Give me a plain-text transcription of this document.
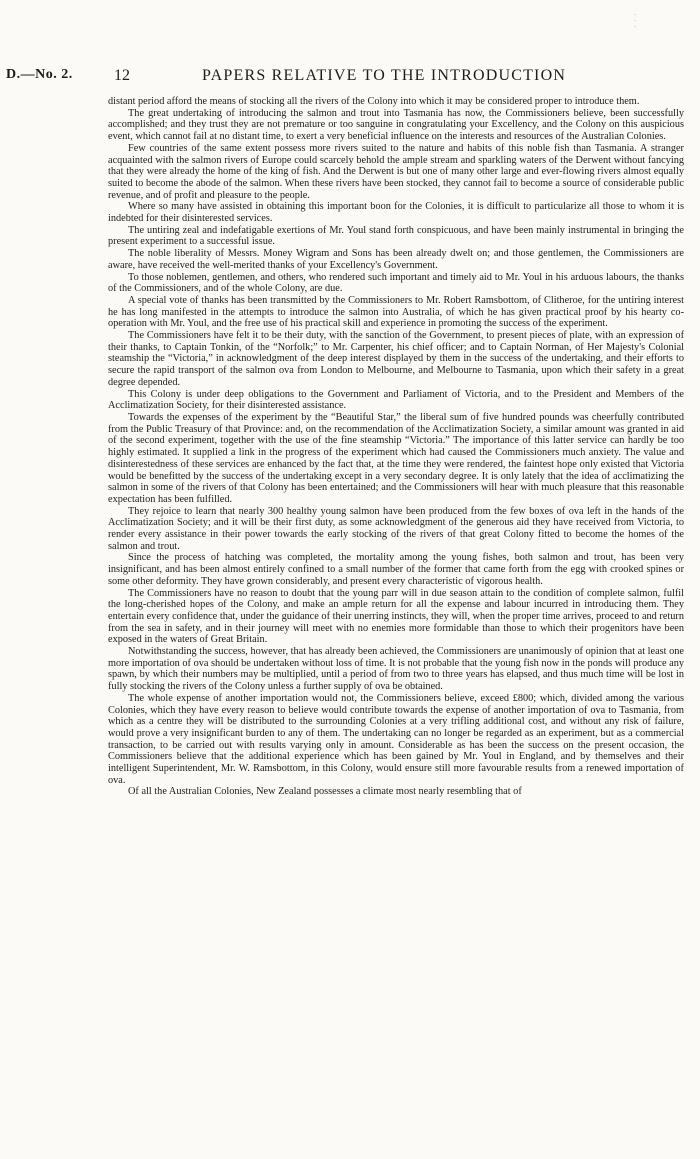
·
·
·
D.—No. 2.	12	PAPERS RELATIVE TO THE INTRODUCTION

distant period afford the means of stocking all the rivers of the Colony into which it may be considered proper to introduce them.

The great undertaking of introducing the salmon and trout into Tasmania has now, the Commissioners believe, been successfully accomplished; and they trust they are not premature or too sanguine in congratulating your Excellency, and the Colony on this auspicious event, which cannot fail at no distant time, to exert a very beneficial influence on the interests and resources of the Australian Colonies.

Few countries of the same extent possess more rivers suited to the nature and habits of this noble fish than Tasmania. A stranger acquainted with the salmon rivers of Europe could scarcely behold the ample stream and sparkling waters of the Derwent without fancying that they were already the home of the king of fish. And the Derwent is but one of many other large and ever-flowing rivers almost equally suited to become the abode of the salmon. When these rivers have been stocked, they cannot fail to become a source of considerable public revenue, and of profit and pleasure to the people.

Where so many have assisted in obtaining this important boon for the Colonies, it is difficult to particularize all those to whom it is indebted for their disinterested services.

The untiring zeal and indefatigable exertions of Mr. Youl stand forth conspicuous, and have been mainly instrumental in bringing the present experiment to a successful issue.

The noble liberality of Messrs. Money Wigram and Sons has been already dwelt on; and those gentlemen, the Commissioners are aware, have received the well-merited thanks of your Excellency's Government.

To those noblemen, gentlemen, and others, who rendered such important and timely aid to Mr. Youl in his arduous labours, the thanks of the Commissioners, and of the whole Colony, are due.

A special vote of thanks has been transmitted by the Commissioners to Mr. Robert Ramsbottom, of Clitheroe, for the untiring interest he has long manifested in the attempts to introduce the salmon into Australia, of which he has given practical proof by his hearty co-operation with Mr. Youl, and the free use of his practical skill and experience in promoting the success of the experiment.

The Commissioners have felt it to be their duty, with the sanction of the Government, to present pieces of plate, with an expression of their thanks, to Captain Tonkin, of the “Norfolk;” to Mr. Carpenter, his chief officer; and to Captain Norman, of Her Majesty's Colonial steamship the “Victoria,” in acknowledgment of the deep interest displayed by them in the success of the undertaking, and their efforts to secure the rapid transport of the salmon ova from London to Melbourne, and Melbourne to Tasmania, upon which their safety in a great degree depended.

This Colony is under deep obligations to the Government and Parliament of Victoria, and to the President and Members of the Acclimatization Society, for their disinterested assistance.

Towards the expenses of the experiment by the “Beautiful Star,” the liberal sum of five hundred pounds was cheerfully contributed from the Public Treasury of that Province: and, on the recommendation of the Acclimatization Society, a similar amount was granted in aid of the second experiment, together with the use of the fine steamship “Victoria.” The importance of this latter service can hardly be too highly estimated. It supplied a link in the progress of the experiment which had caused the Commissioners much anxiety. The value and disinterestedness of these services are enhanced by the fact that, at the time they were rendered, the faintest hope only existed that Victoria would be benefitted by the success of the undertaking except in a very secondary degree. It is only lately that the idea of acclimatizing the salmon in some of the rivers of that Colony has been entertained; and the Commissioners will hear with much pleasure that this reasonable expectation has been fulfilled.

They rejoice to learn that nearly 300 healthy young salmon have been produced from the few boxes of ova left in the hands of the Acclimatization Society; and it will be their first duty, as some acknowledgment of the generous aid they have received from Victoria, to render every assistance in their power towards the early stocking of the rivers of that great Colony fitted to become the homes of the salmon and trout.

Since the process of hatching was completed, the mortality among the young fishes, both salmon and trout, has been very insignificant, and has been almost entirely confined to a small number of the former that came forth from the egg with crooked spines or some other deformity. They have grown considerably, and present every characteristic of vigorous health.

The Commissioners have no reason to doubt that the young parr will in due season attain to the condition of complete salmon, fulfil the long-cherished hopes of the Colony, and make an ample return for all the expense and labour incurred in introducing them. They entertain every confidence that, under the guidance of their unerring instincts, they will, when the proper time arrives, proceed to and return from the sea in safety, and in their journey will meet with no enemies more formidable than those to which their progenitors have been exposed in the waters of Great Britain.

Notwithstanding the success, however, that has already been achieved, the Commissioners are unanimously of opinion that at least one more importation of ova should be undertaken without loss of time. It is not probable that the young fish now in the ponds will produce any spawn, by which their numbers may be multiplied, until a period of from two to three years has elapsed, and thus much time will be lost in fully stocking the rivers of the Colony unless a further supply of ova be obtained.

The whole expense of another importation would not, the Commissioners believe, exceed £800; which, divided among the various Colonies, which they have every reason to believe would contribute towards the expense of another importation of ova to Tasmania, from which as a centre they will be distributed to the surrounding Colonies at a very trifling additional cost, and without any risk of failure, would prove a very insignificant burden to any of them. The undertaking can no longer be regarded as an experiment, but as a commercial transaction, to be carried out with results varying only in amount. Considerable as has been the success on the present occasion, the Commissioners believe that the additional experience which has been gained by Mr. Youl in England, and by themselves and their intelligent Superintendent, Mr. W. Ramsbottom, in this Colony, would ensure still more favourable results from a renewed importation of ova.

Of all the Australian Colonies, New Zealand possesses a climate most nearly resembling that of
